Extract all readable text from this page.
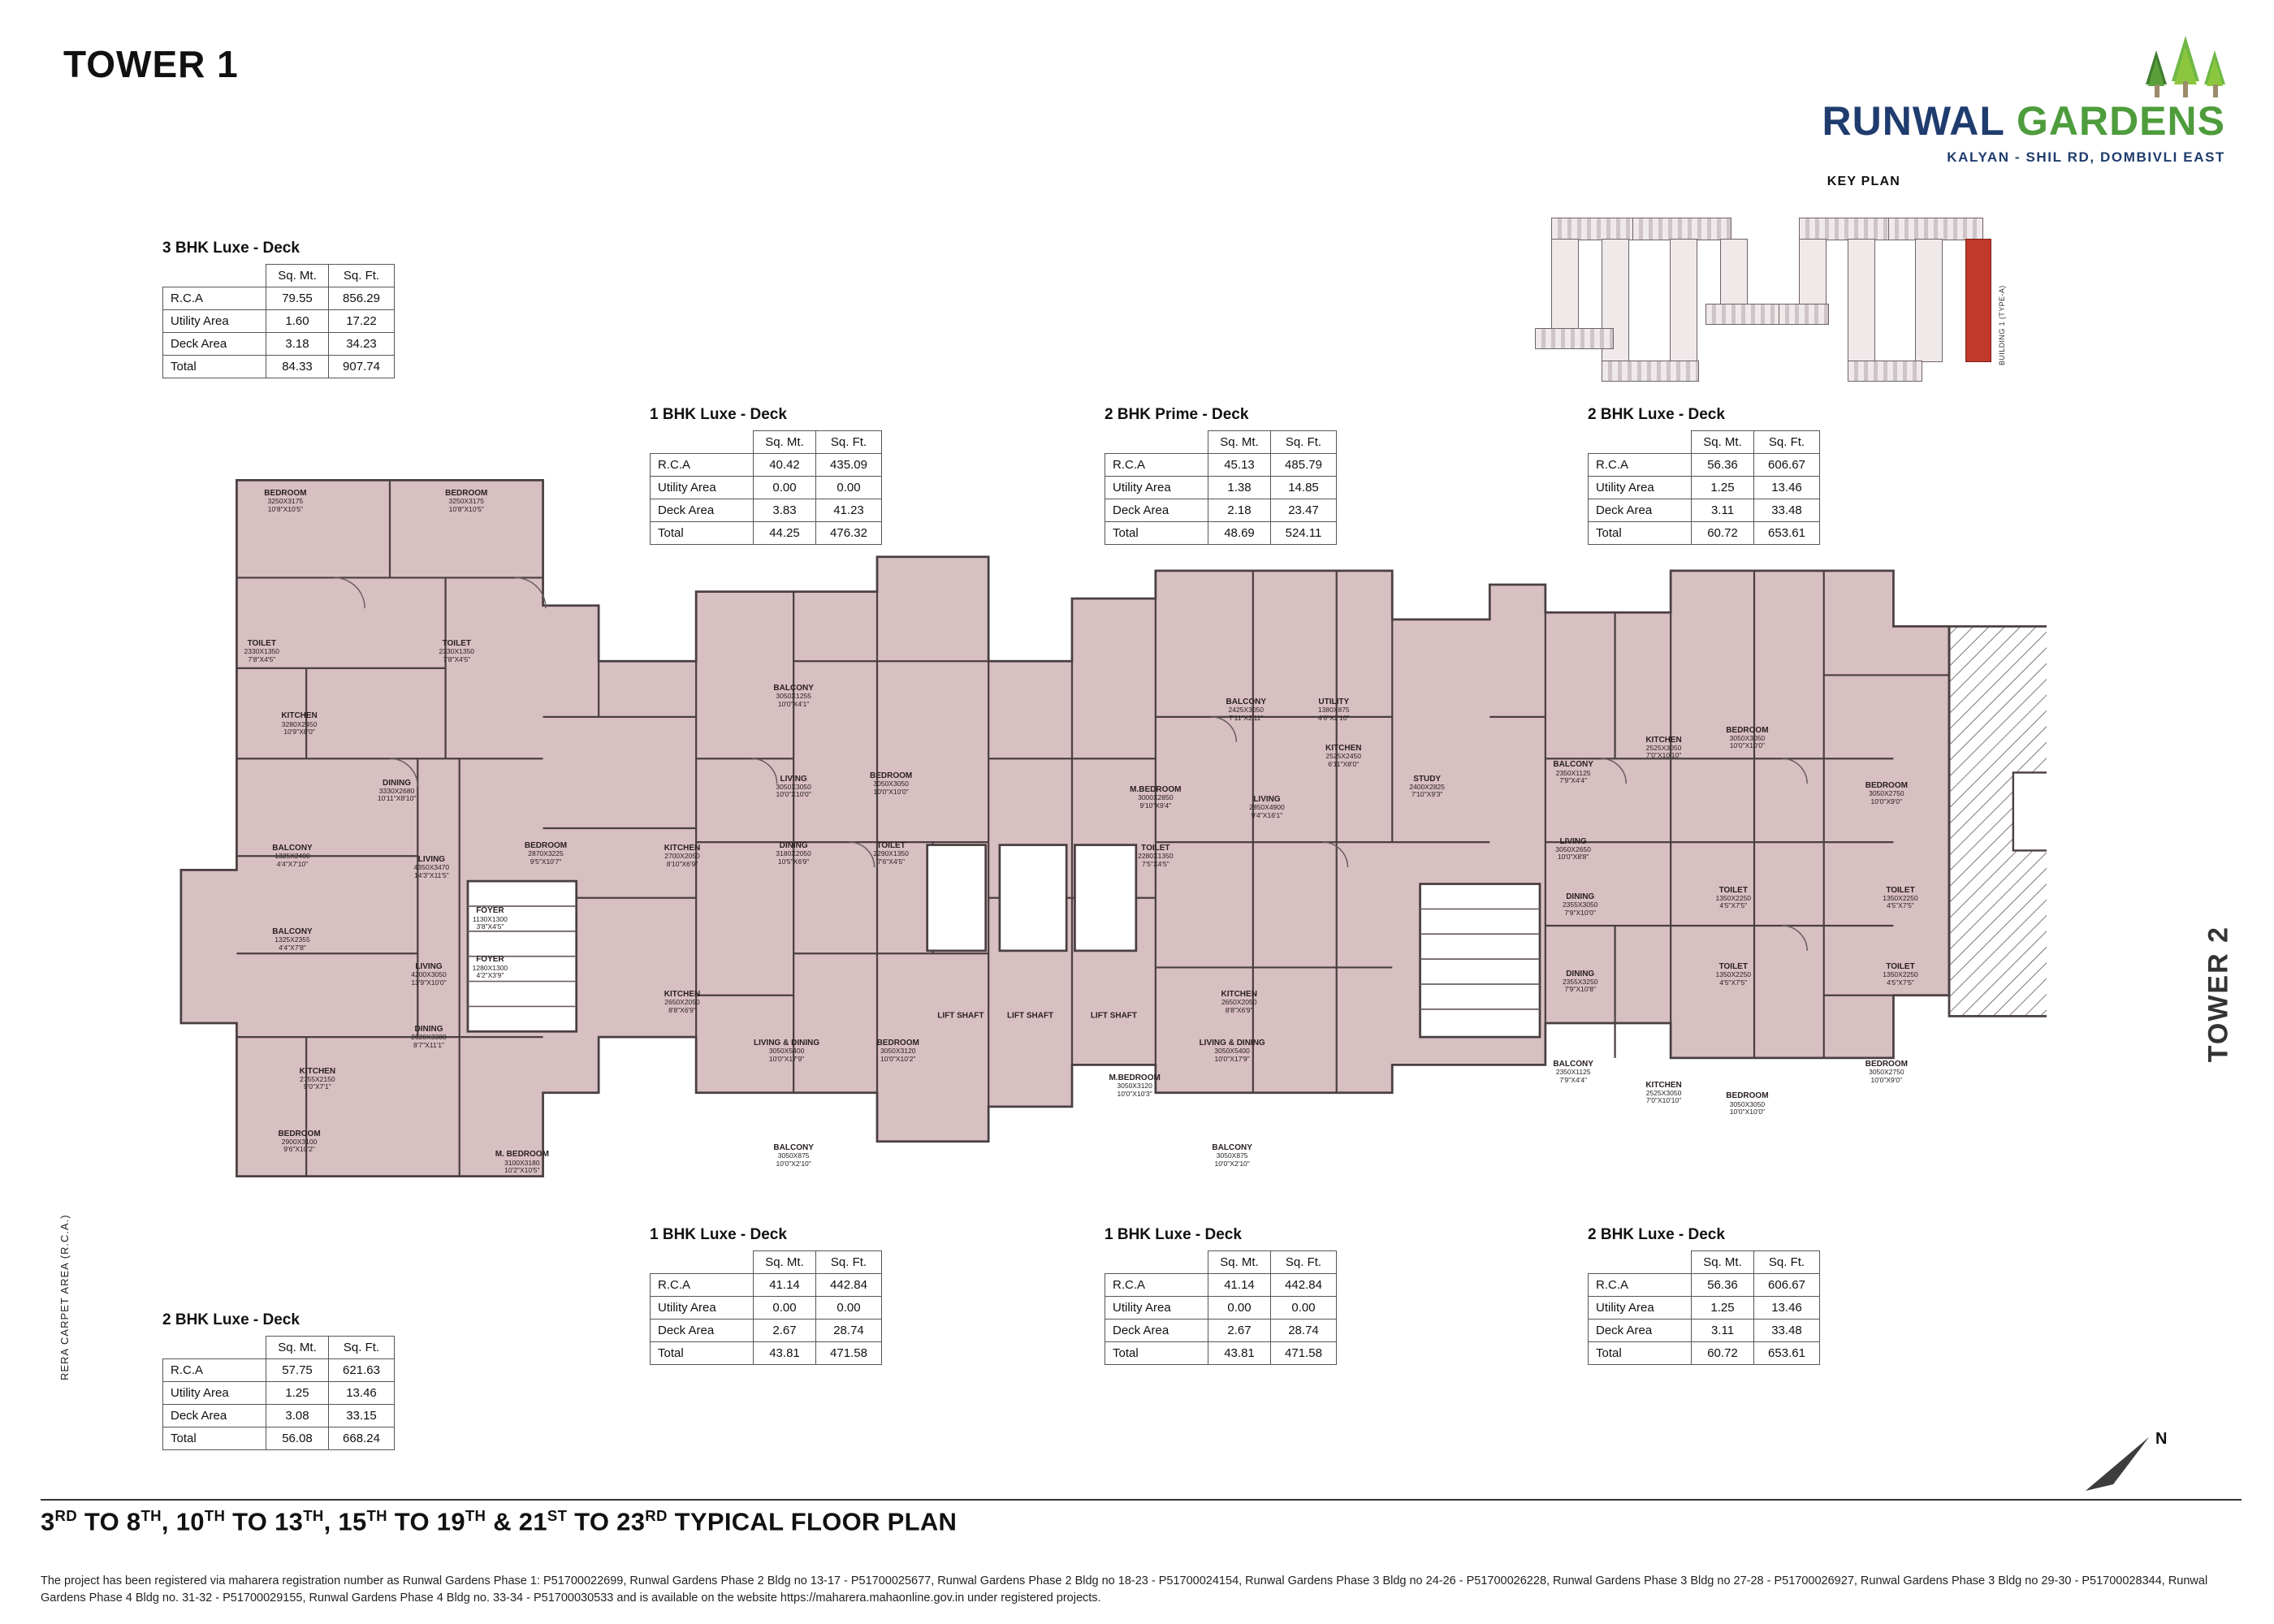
TOWER 1
RUNWAL GARDENS
KALYAN - SHIL RD, DOMBIVLI EAST
KEY PLAN
BUILDING 1 (TYPE-A)
3 BHK Luxe - Deck
	Sq. Mt.	Sq. Ft.
R.C.A	79.55	856.29
Utility Area	1.60	17.22
Deck Area	3.18	34.23
Total	84.33	907.74
1 BHK Luxe - Deck
	Sq. Mt.	Sq. Ft.
R.C.A	40.42	435.09
Utility Area	0.00	0.00
Deck Area	3.83	41.23
Total	44.25	476.32
2 BHK Prime - Deck
	Sq. Mt.	Sq. Ft.
R.C.A	45.13	485.79
Utility Area	1.38	14.85
Deck Area	2.18	23.47
Total	48.69	524.11
2 BHK Luxe - Deck
	Sq. Mt.	Sq. Ft.
R.C.A	56.36	606.67
Utility Area	1.25	13.46
Deck Area	3.11	33.48
Total	60.72	653.61
2 BHK Luxe - Deck
	Sq. Mt.	Sq. Ft.
R.C.A	57.75	621.63
Utility Area	1.25	13.46
Deck Area	3.08	33.15
Total	56.08	668.24
1 BHK Luxe - Deck
	Sq. Mt.	Sq. Ft.
R.C.A	41.14	442.84
Utility Area	0.00	0.00
Deck Area	2.67	28.74
Total	43.81	471.58
1 BHK Luxe - Deck
	Sq. Mt.	Sq. Ft.
R.C.A	41.14	442.84
Utility Area	0.00	0.00
Deck Area	2.67	28.74
Total	43.81	471.58
2 BHK Luxe - Deck
	Sq. Mt.	Sq. Ft.
R.C.A	56.36	606.67
Utility Area	1.25	13.46
Deck Area	3.11	33.48
Total	60.72	653.61
BEDROOM
3250X3175
10'8"X10'5"
BEDROOM
3250X3175
10'8"X10'5"
TOILET
2330X1350
7'8"X4'5"
TOILET
2330X1350
7'8"X4'5"
KITCHEN
3280X2450
10'9"X8'0"
DINING
3330X2680
10'11"X8'10"
LIVING
4350X3470
14'3"X11'5"
BALCONY
1325X2400
4'4"X7'10"
BALCONY
1325X2355
4'4"X7'8"
LIVING
4200X3050
13'9"X10'0"
DINING
2620X3380
8'7"X11'1"
KITCHEN
2755X2150
9'0"X7'1"
BEDROOM
2900X3100
9'6"X10'2"
M. BEDROOM
3100X3180
10'2"X10'5"
BEDROOM
2870X3225
9'5"X10'7"
FOYER
1130X1300
3'8"X4'5"
FOYER
1280X1300
4'2"X3'9"
KITCHEN
2700X2050
8'10"X6'9"
BALCONY
3050X1255
10'0"X4'1"
LIVING
3050X3050
10'0"X10'0"
BEDROOM
3050X3050
10'0"X10'0"
DINING
3180X2050
10'5"X6'9"
TOILET
2290X1350
7'6"X4'5"
KITCHEN
2650X2050
8'8"X6'9"
LIVING & DINING
3050X5400
10'0"X17'9"
BEDROOM
3050X3120
10'0"X10'2"
BALCONY
3050X875
10'0"X2'10"
LIFT SHAFT	LIFT SHAFT	LIFT SHAFT
M.BEDROOM
3000X2850
9'10"X9'4"
LIVING
2850X4900
9'4"X16'1"
BALCONY
2425X3050
7'11"X2'11"
UTILITY
1380X875
4'6"X2'10"
KITCHEN
2525X2450
6'11"X8'0"
STUDY
2400X2825
7'10"X9'3"
TOILET
2280X1350
7'5"X4'5"
M.BEDROOM
3050X3120
10'0"X10'3"
LIVING & DINING
3050X5400
10'0"X17'9"
KITCHEN
2650X2050
8'8"X6'9"
BALCONY
3050X875
10'0"X2'10"
BALCONY
2350X1125
7'9"X4'4"
BEDROOM
3050X3050
10'0"X10'0"
KITCHEN
2525X3050
7'0"X10'10"
LIVING
3050X2650
10'0"X8'8"
DINING
2355X3050
7'9"X10'0"
DINING
2355X3250
7'9"X10'8"
BEDROOM
3050X2750
10'0"X9'0"
TOILET
1350X2250
4'5"X7'5"
TOILET
1350X2250
4'5"X7'5"
TOILET
1350X2250
4'5"X7'5"
TOILET
1350X2250
4'5"X7'5"
BEDROOM
3050X2750
10'0"X9'0"
BEDROOM
3050X3050
10'0"X10'0"
BALCONY
2350X1125
7'9"X4'4"
KITCHEN
2525X3050
7'0"X10'10"
RERA CARPET AREA (R.C.A.)
TOWER 2
N
3RD TO 8TH, 10TH TO 13TH, 15TH TO 19TH & 21ST TO 23RD TYPICAL FLOOR PLAN
The project has been registered via maharera registration number as Runwal Gardens Phase 1: P51700022699, Runwal Gardens Phase 2 Bldg no 13-17 - P51700025677, Runwal Gardens Phase 2 Bldg no 18-23 - P51700024154, Runwal Gardens Phase 3 Bldg no 24-26 - P51700026228, Runwal Gardens Phase 3 Bldg no 27-28 - P51700026927, Runwal Gardens Phase 3 Bldg no 29-30 - P51700028344, Runwal Gardens Phase 4 Bldg no. 31-32 - P51700029155, Runwal Gardens Phase 4 Bldg no. 33-34 - P51700030533 and is available on the website https://maharera.mahaonline.gov.in under registered projects.
